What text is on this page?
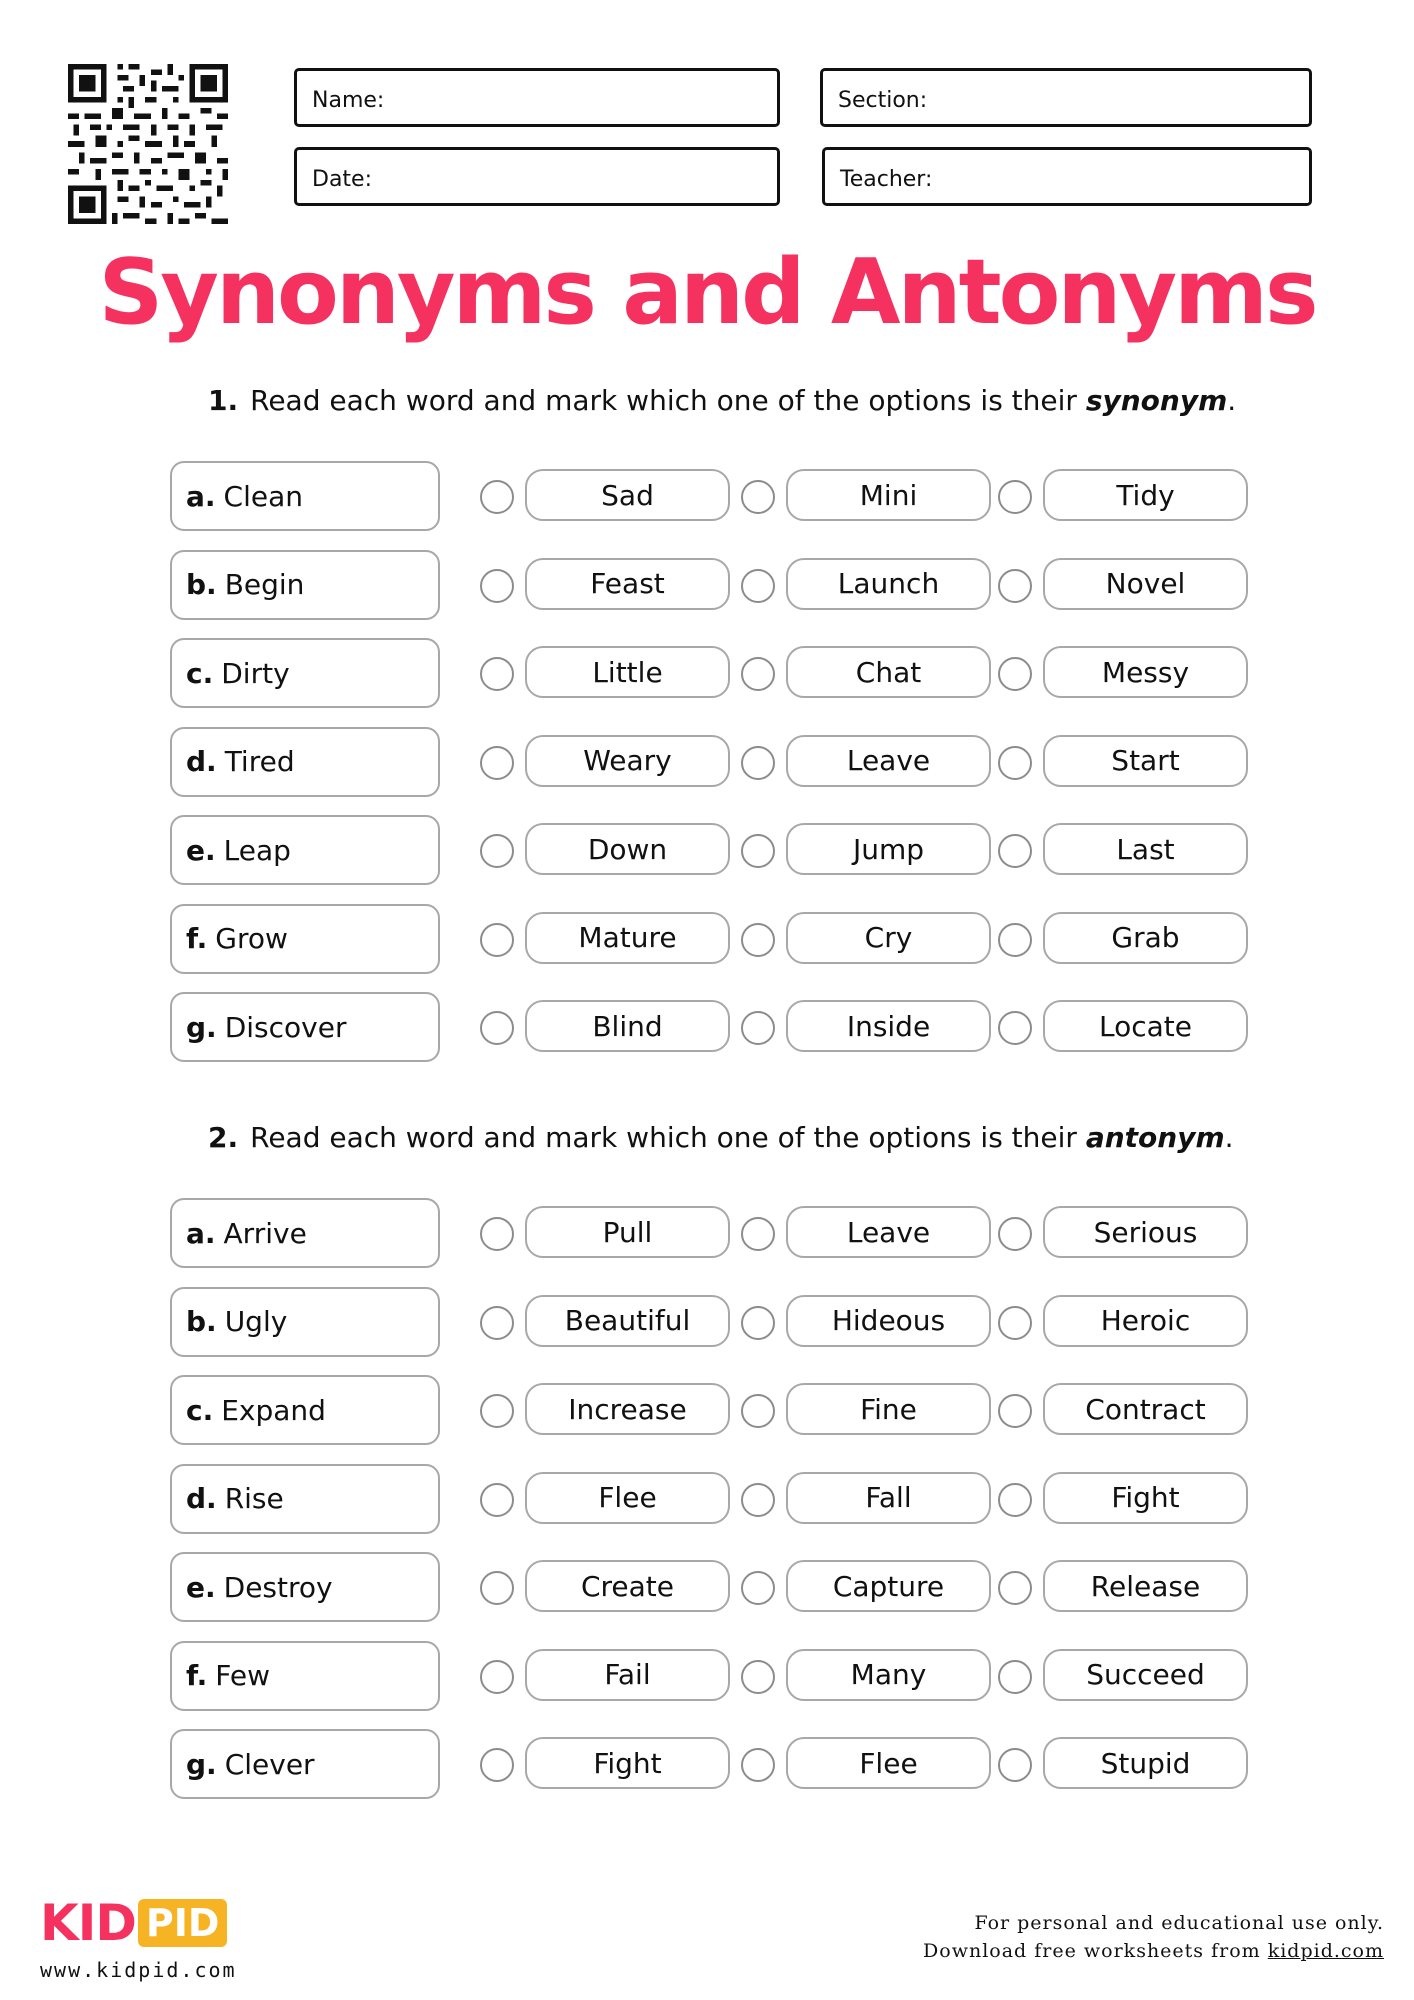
Name:	Section:
Date:	Teacher:
Synonyms and Antonyms
1. Read each word and mark which one of the options is their synonym.
a. Clean	Sad	Mini	Tidy
b. Begin	Feast	Launch	Novel
c. Dirty	Little	Chat	Messy
d. Tired	Weary	Leave	Start
e. Leap	Down	Jump	Last
f. Grow	Mature	Cry	Grab
g. Discover	Blind	Inside	Locate
2. Read each word and mark which one of the options is their antonym.
a. Arrive	Pull	Leave	Serious
b. Ugly	Beautiful	Hideous	Heroic
c. Expand	Increase	Fine	Contract
d. Rise	Flee	Fall	Fight
e. Destroy	Create	Capture	Release
f. Few	Fail	Many	Succeed
g. Clever	Fight	Flee	Stupid
KID PID
www.kidpid.com
For personal and educational use only.
Download free worksheets from kidpid.com
